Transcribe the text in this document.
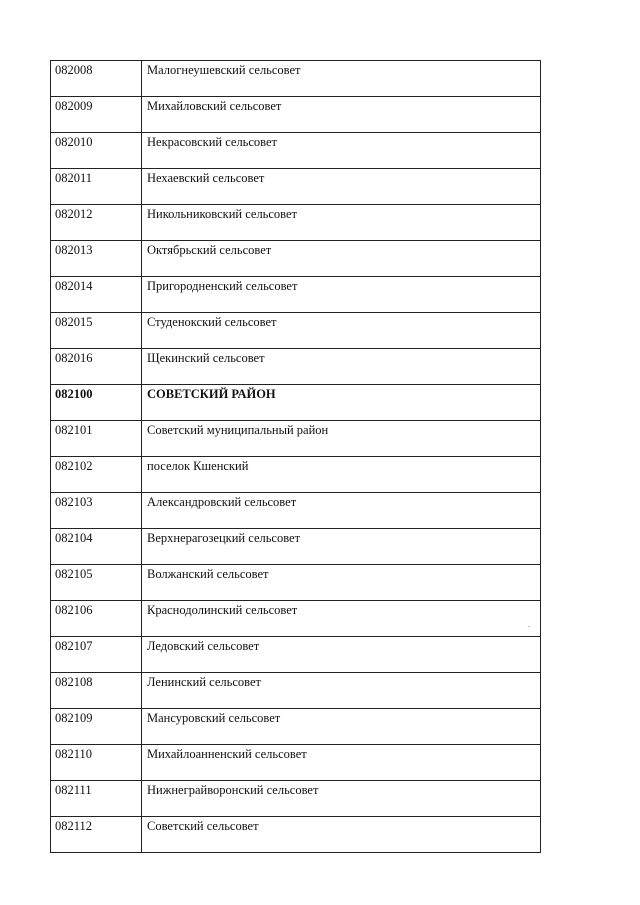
082008	Малогнеушевский сельсовет
082009	Михайловский сельсовет
082010	Некрасовский сельсовет
082011	Нехаевский сельсовет
082012	Никольниковский сельсовет
082013	Октябрьский сельсовет
082014	Пригородненский сельсовет
082015	Студенокский сельсовет
082016	Щекинский сельсовет
082100	СОВЕТСКИЙ РАЙОН
082101	Советский муниципальный район
082102	поселок Кшенский
082103	Александровский сельсовет
082104	Верхнерагозецкий сельсовет
082105	Волжанский сельсовет
082106	Краснодолинский сельсовет
082107	Ледовский сельсовет
082108	Ленинский сельсовет
082109	Мансуровский сельсовет
082110	Михайлоанненский сельсовет
082111	Нижнеграйворонский сельсовет
082112	Советский сельсовет
